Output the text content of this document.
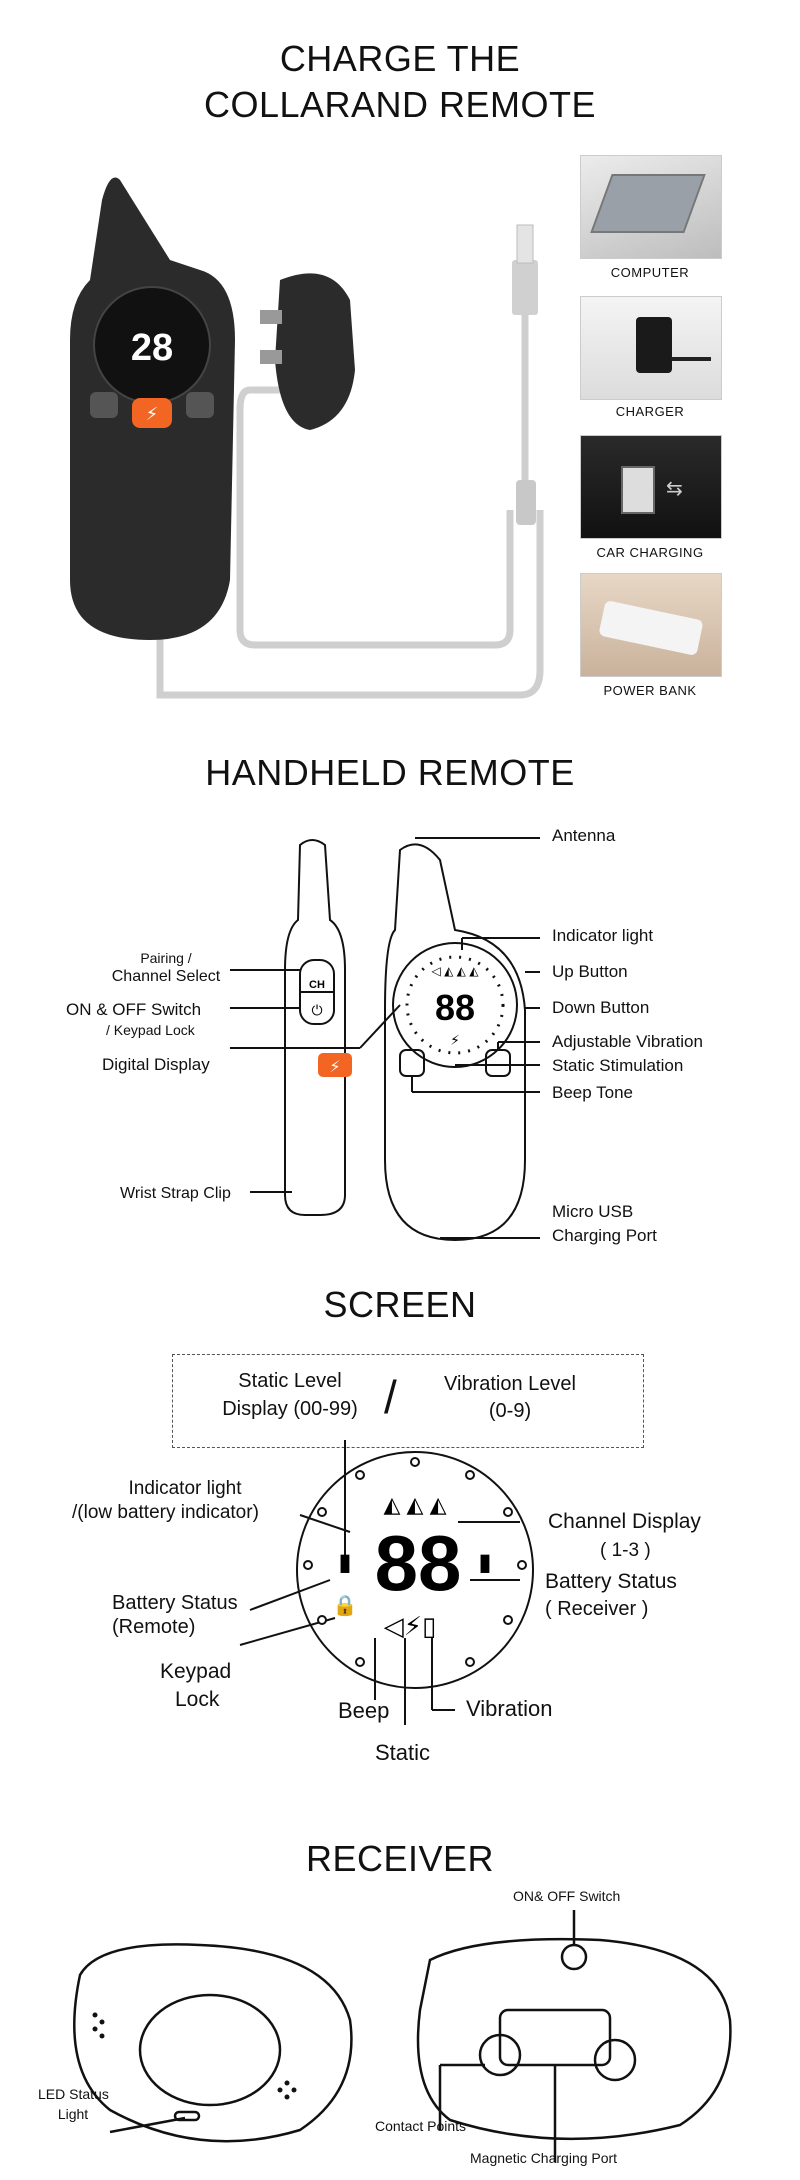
CHARGE THE
COLLARAND REMOTE
28
⚡
COMPUTER
CHARGER
⇆
CAR CHARGING
POWER BANK
HANDHELD REMOTE
⚡
CH
⏻	88
◁ ◭ ◭ ◭
⚡
Antenna
Indicator light
Up Button
Down Button
Adjustable Vibration
Static Stimulation
Beep Tone
Micro USB
Charging Port
Pairing /
Channel Select
ON & OFF Switch
/ Keypad Lock
Digital Display
Wrist Strap Clip
SCREEN
Static Level
Display (00-99) /	Vibration Level
(0-9)
◭ ◭ ◭
88
▮	▮
🔒
◁⚡▯
Indicator light
/(low battery indicator)	Channel Display
( 1-3 )
Battery Status
(Remote)
Battery Status
( Receiver )
Keypad
Lock	Beep
Static
Vibration
RECEIVER
ON& OFF Switch
LED Status
Light
Contact Points
Magnetic Charging Port
